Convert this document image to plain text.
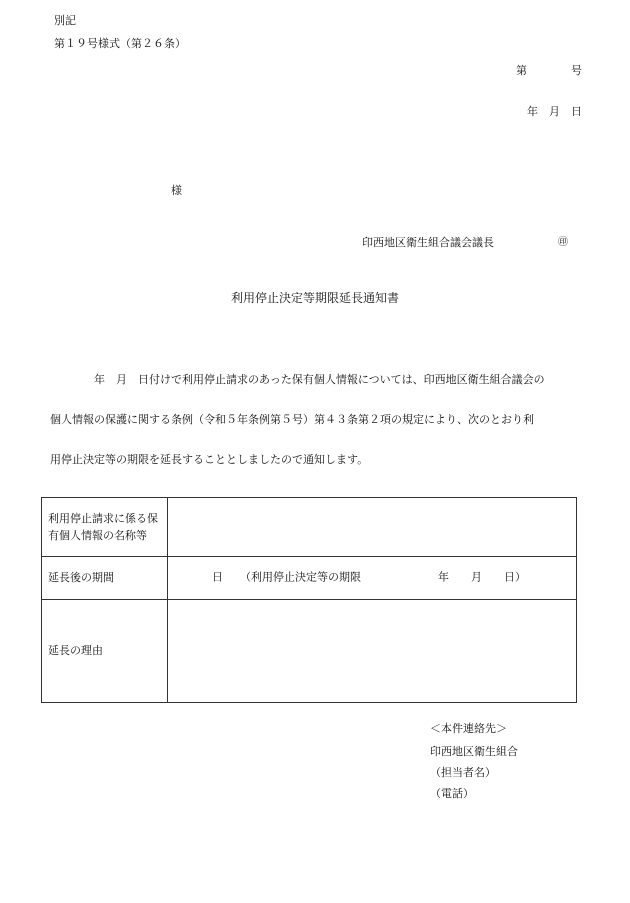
別記
第１９号様式（第２６条）
第　　　　号
年　月　日
様
印西地区衛生組合議会議長	㊞
利用停止決定等期限延長通知書
年　月　日付けで利用停止請求のあった保有個人情報については、印西地区衛生組合議会の
個人情報の保護に関する条例（令和５年条例第５号）第４３条第２項の規定により、次のとおり利
用停止決定等の期限を延長することとしましたので通知します。
利用停止請求に係る保有個人情報の名称等	

延長後の期間	日 （利用停止決定等の期限 年　　月　　日）

延長の理由	

＜本件連絡先＞
印西地区衛生組合
（担当者名）
（電話）
